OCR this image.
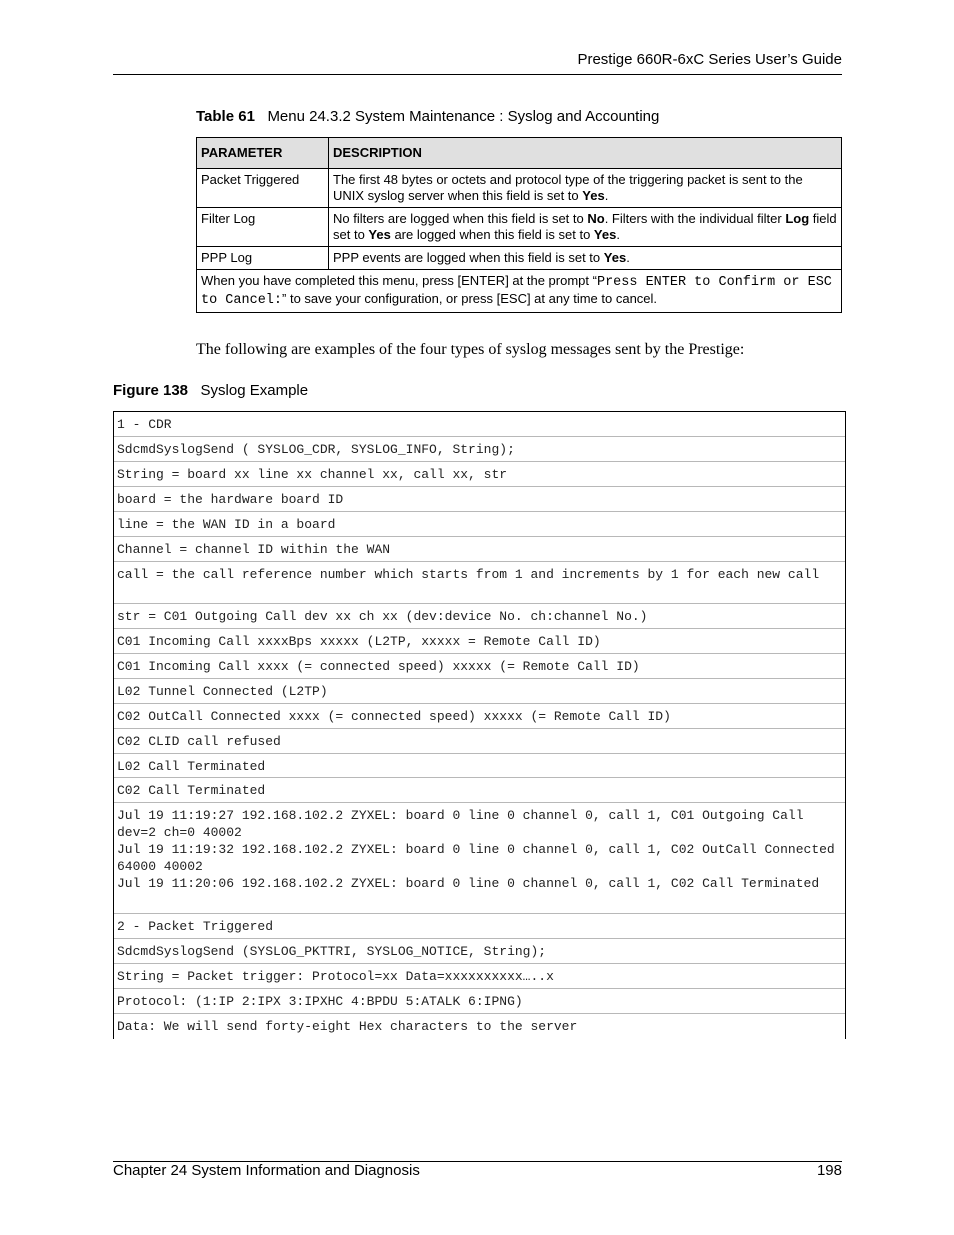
Prestige 660R-6xC Series User’s Guide
Table 61 Menu 24.3.2 System Maintenance : Syslog and Accounting
PARAMETER	DESCRIPTION
Packet Triggered	The first 48 bytes or octets and protocol type of the triggering packet is sent to the UNIX syslog server when this field is set to Yes.
Filter Log	No filters are logged when this field is set to No. Filters with the individual filter Log field set to Yes are logged when this field is set to Yes.
PPP Log	PPP events are logged when this field is set to Yes.
When you have completed this menu, press [ENTER] at the prompt “Press ENTER to Confirm or ESC to Cancel:” to save your configuration, or press [ESC] at any time to cancel.	
The following are examples of the four types of syslog messages sent by the Prestige:
Figure 138 Syslog Example
1 - CDR
SdcmdSyslogSend ( SYSLOG_CDR, SYSLOG_INFO, String);
String = board xx line xx channel xx, call xx, str
board = the hardware board ID
line = the WAN ID in a board
Channel = channel ID within the WAN
call = the call reference number which starts from 1 and increments by 1 for each new call
str = C01 Outgoing Call dev xx ch xx (dev:device No. ch:channel No.)
C01 Incoming Call xxxxBps xxxxx (L2TP, xxxxx = Remote Call ID)
C01 Incoming Call xxxx (= connected speed) xxxxx (= Remote Call ID)
L02 Tunnel Connected (L2TP)
C02 OutCall Connected xxxx (= connected speed) xxxxx (= Remote Call ID)
C02 CLID call refused
L02 Call Terminated
C02 Call Terminated
Jul 19 11:19:27 192.168.102.2 ZYXEL: board 0 line 0 channel 0, call 1, C01 Outgoing Call dev=2 ch=0 40002
Jul 19 11:19:32 192.168.102.2 ZYXEL: board 0 line 0 channel 0, call 1, C02 OutCall Connected 64000 40002
Jul 19 11:20:06 192.168.102.2 ZYXEL: board 0 line 0 channel 0, call 1, C02 Call Terminated
2 - Packet Triggered
SdcmdSyslogSend (SYSLOG_PKTTRI, SYSLOG_NOTICE, String);
String = Packet trigger: Protocol=xx Data=xxxxxxxxxx…..x
Protocol: (1:IP 2:IPX 3:IPXHC 4:BPDU 5:ATALK 6:IPNG)
Data: We will send forty-eight Hex characters to the server
Chapter 24 System Information and Diagnosis	198
